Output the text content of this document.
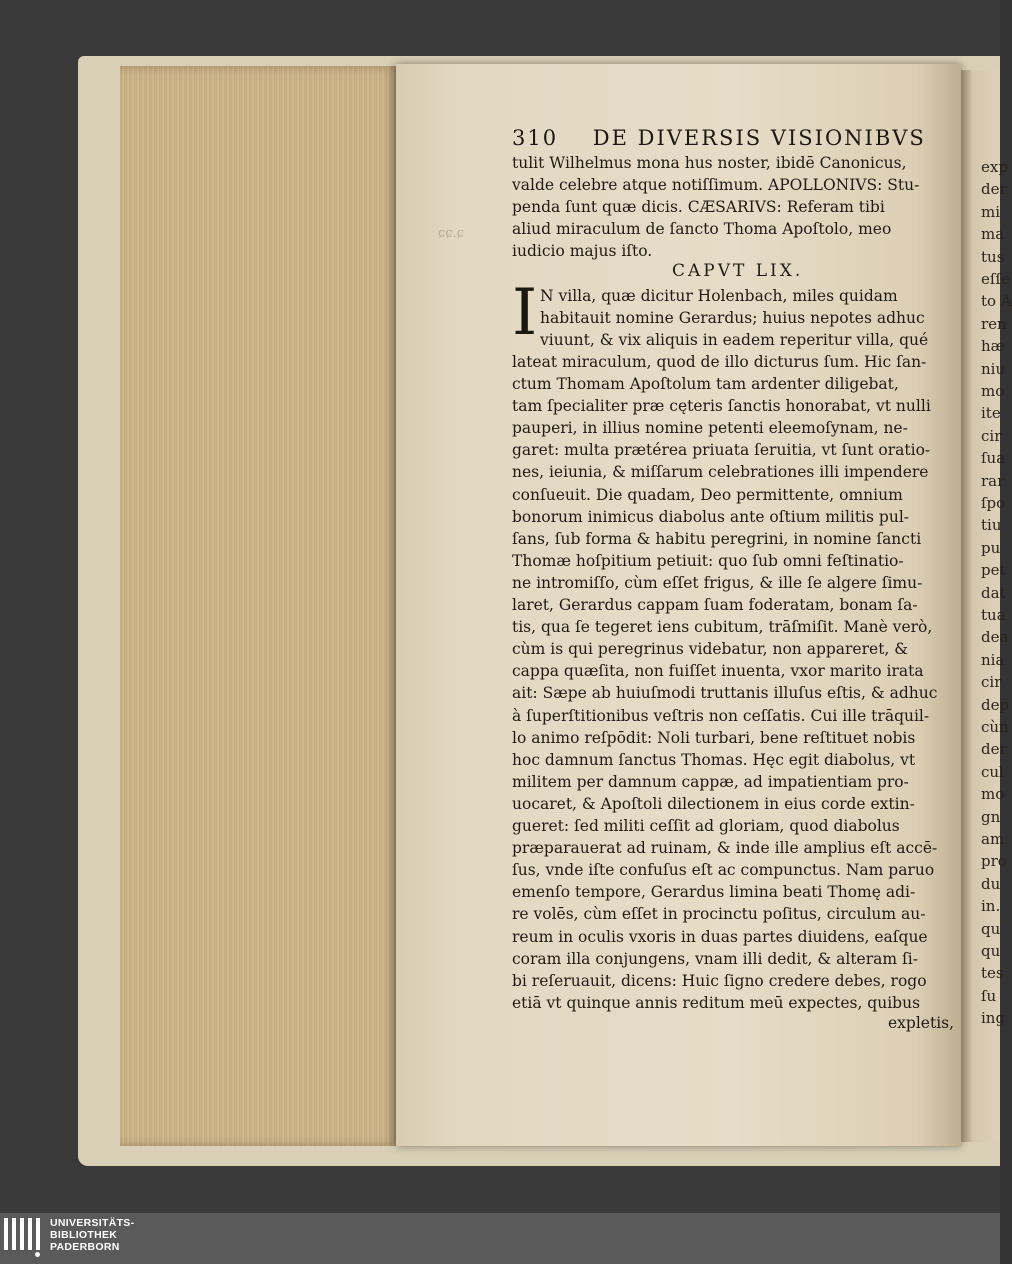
exp
der
mi
ma
tus
eſſe
to A
ren
hæ
niu
mo
ite
cir
ſua
rar
ſpo
tiu
pu
pet
dat
tua
dea
nia
cir
dep
cùn
der
cul
mo
gn
am
pro
du
in.
qu
qu
tes
ſu
ing
ɕɕ.ɕ
310 DE DIVERSIS VISIONIBVS
tulit Wilhelmus mona hus noster, ibidē Canonicus,
valde celebre atque notiſſimum. APOLLONIVS: Stu-
penda ſunt quæ dicis. CÆSARIVS: Referam tibi
aliud miraculum de ſancto Thoma Apoſtolo, meo
iudicio majus iſto.
CAPVT LIX.
I N villa, quæ dicitur Holenbach, miles quidam
habitauit nomine Gerardus; huius nepotes adhuc
viuunt, & vix aliquis in eadem reperitur villa, qué
lateat miraculum, quod de illo dicturus ſum. Hic ſan-
ctum Thomam Apoſtolum tam ardenter diligebat,
tam ſpecialiter præ cęteris ſanctis honorabat, vt nulli
pauperi, in illius nomine petenti eleemoſynam, ne-
garet: multa prætérea priuata ſeruitia, vt ſunt oratio-
nes, ieiunia, & miſſarum celebrationes illi impendere
conſueuit. Die quadam, Deo permittente, omnium
bonorum inimicus diabolus ante oſtium militis pul-
ſans, ſub forma & habitu peregrini, in nomine ſancti
Thomæ hoſpitium petiuit: quo ſub omni feſtinatio-
ne intromiſſo, cùm eſſet frigus, & ille ſe algere ſimu-
laret, Gerardus cappam ſuam foderatam, bonam ſa-
tis, qua ſe tegeret iens cubitum, trāſmiſit. Manè verò,
cùm is qui peregrinus videbatur, non appareret, &
cappa quæſita, non fuiſſet inuenta, vxor marito irata
ait: Sæpe ab huiuſmodi truttanis illuſus eſtis, & adhuc
à ſuperſtitionibus veſtris non ceſſatis. Cui ille trāquil-
lo animo reſpōdit: Noli turbari, bene reſtituet nobis
hoc damnum ſanctus Thomas. Hęc egit diabolus, vt
militem per damnum cappæ, ad impatientiam pro-
uocaret, & Apoſtoli dilectionem in eius corde extin-
gueret: ſed militi ceſſit ad gloriam, quod diabolus
præparauerat ad ruinam, & inde ille amplius eſt accē-
ſus, vnde iſte confuſus eſt ac compunctus. Nam paruo
emenſo tempore, Gerardus limina beati Thomę adi-
re volēs, cùm eſſet in procinctu poſitus, circulum au-
reum in oculis vxoris in duas partes diuidens, eaſque
coram illa conjungens, vnam illi dedit, & alteram ſi-
bi reſeruauit, dicens: Huic ſigno credere debes, rogo
etiā vt quinque annis reditum meū expectes, quibus
expletis,
UNIVERSITÄTS-
BIBLIOTHEK
PADERBORN
